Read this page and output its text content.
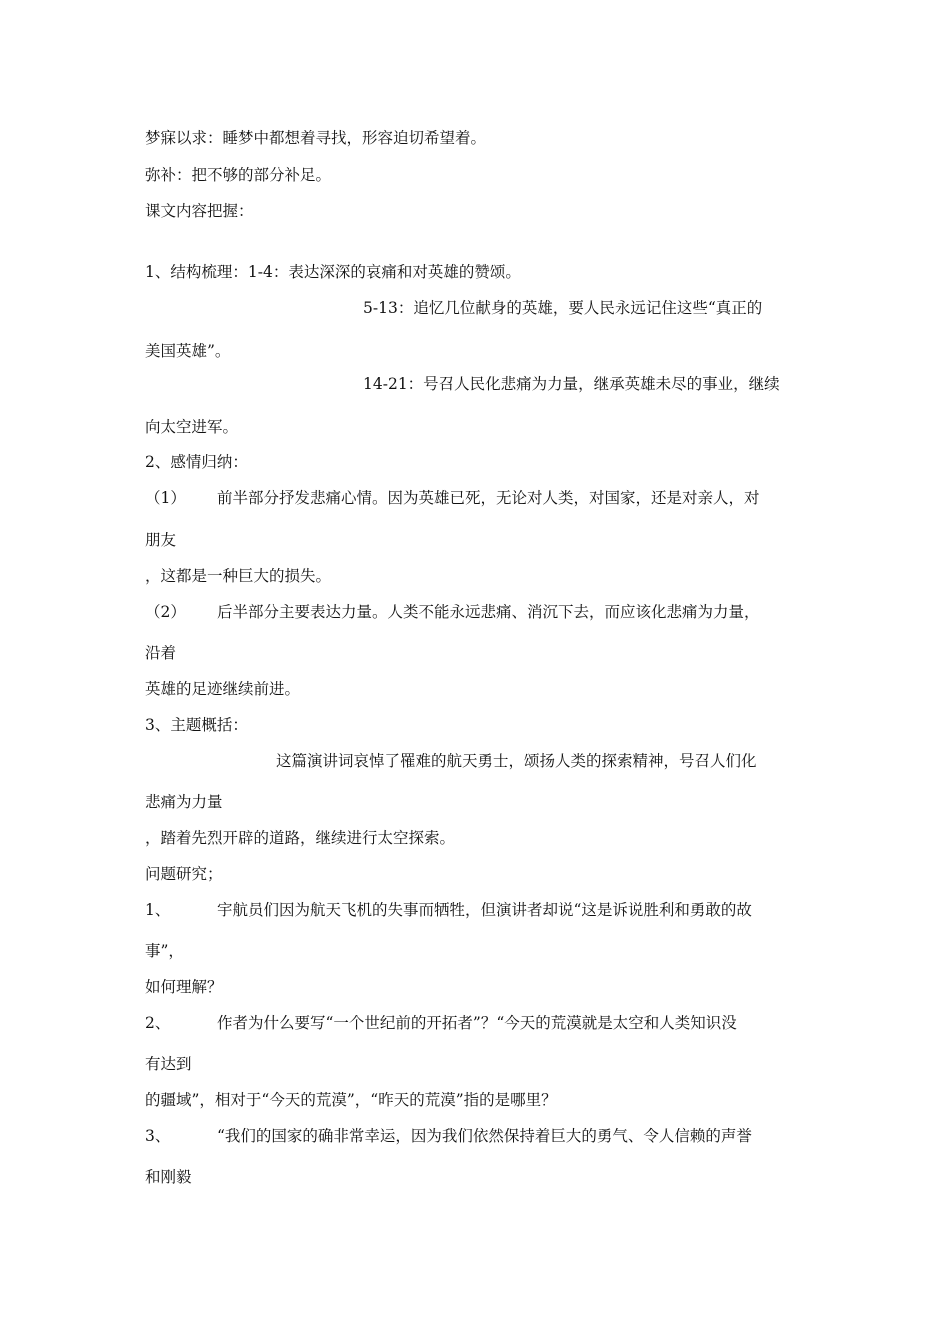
梦寐以求：睡梦中都想着寻找，形容迫切希望着。
弥补：把不够的部分补足。
课文内容把握：
1、结构梳理：1-4：表达深深的哀痛和对英雄的赞颂。
5-13：追忆几位献身的英雄，要人民永远记住这些“真正的
美国英雄”。
14-21：号召人民化悲痛为力量，继承英雄未尽的事业，继续
向太空进军。
2、感情归纳：
（1） 前半部分抒发悲痛心情。因为英雄已死，无论对人类，对国家，还是对亲人，对
朋友
，这都是一种巨大的损失。
（2） 后半部分主要表达力量。人类不能永远悲痛、消沉下去，而应该化悲痛为力量，
沿着
英雄的足迹继续前进。
3、主题概括：
这篇演讲词哀悼了罹难的航天勇士，颂扬人类的探索精神，号召人们化
悲痛为力量
，踏着先烈开辟的道路，继续进行太空探索。
问题研究；
1、	宇航员们因为航天飞机的失事而牺牲，但演讲者却说“这是诉说胜利和勇敢的故
事”，
如何理解？
2、	作者为什么要写“一个世纪前的开拓者”？“今天的荒漠就是太空和人类知识没
有达到
的疆域”，相对于“今天的荒漠”，“昨天的荒漠”指的是哪里？
3、	“我们的国家的确非常幸运，因为我们依然保持着巨大的勇气、令人信赖的声誉
和刚毅
